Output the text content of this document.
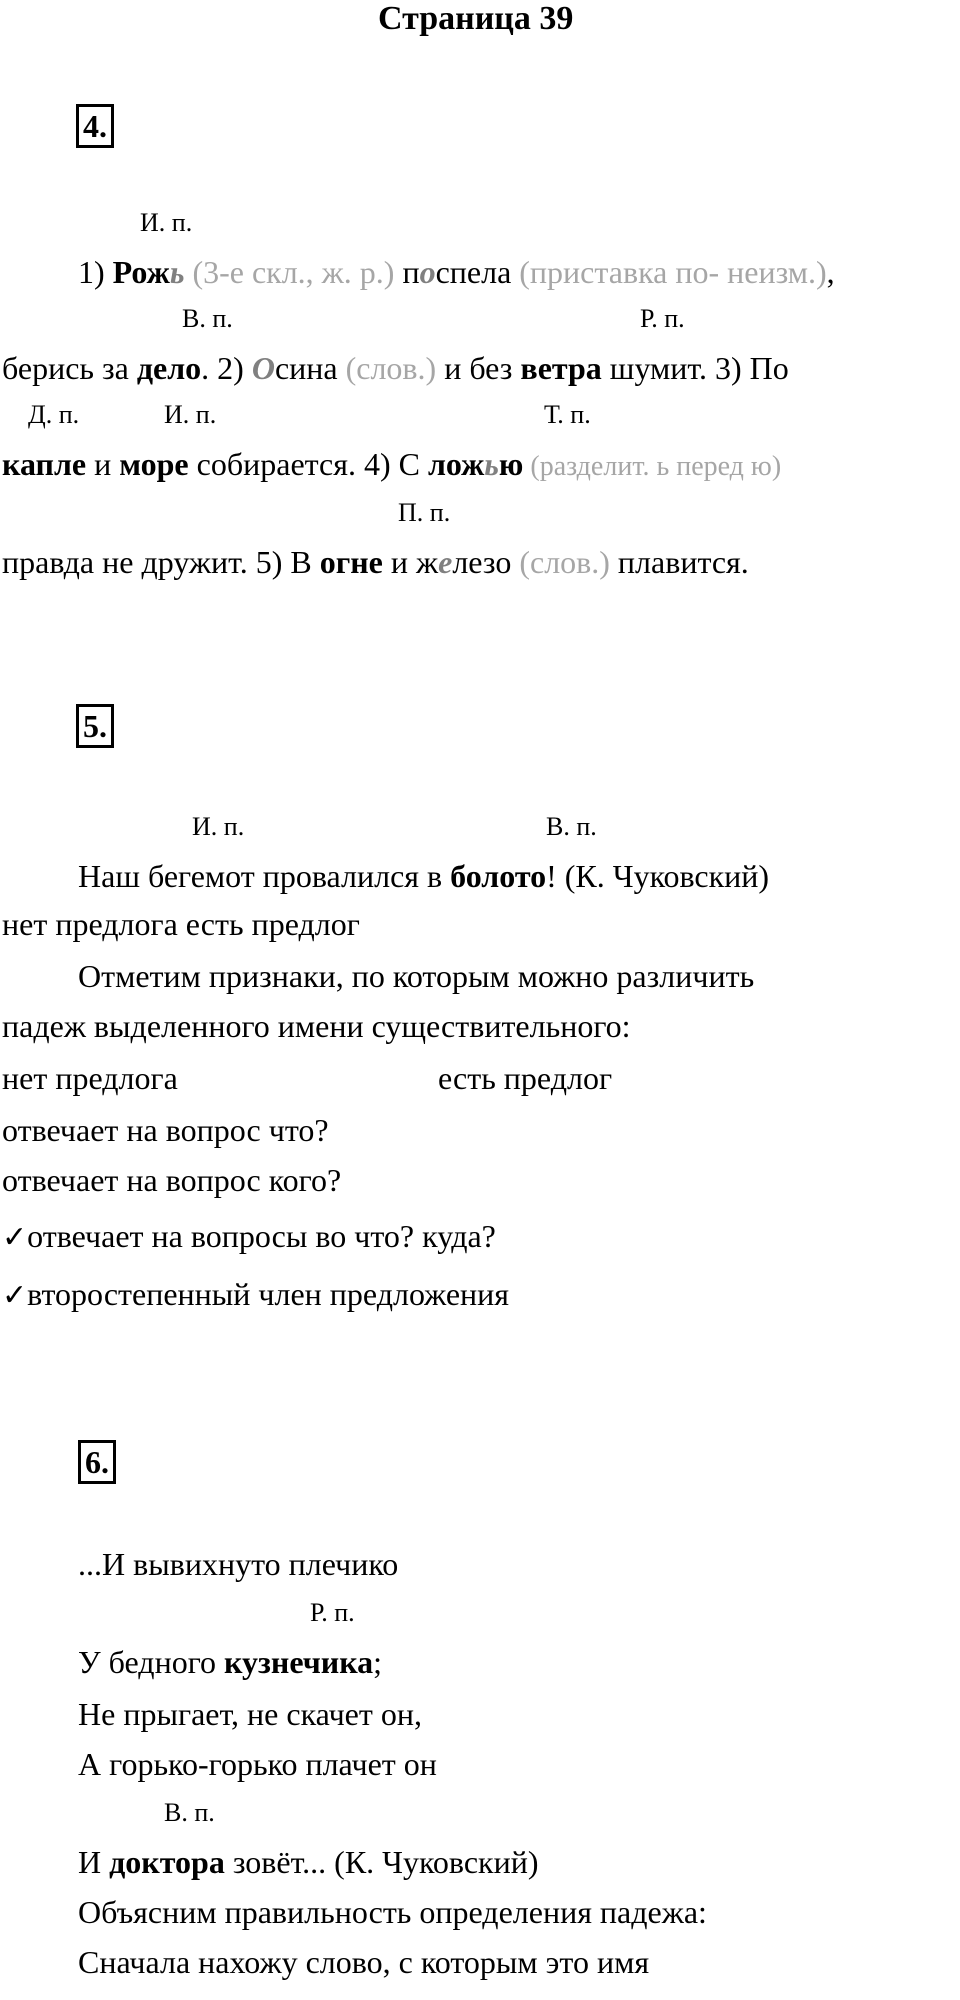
Страница 39
4.
И. п.
1) Рожь (3-е скл., ж. р.) поспела (приставка по- неизм.),
В. п.	Р. п.
берись за дело. 2) Осина (слов.) и без ветра шумит. 3) По
Д. п.	И. п.	Т. п.
капле и море собирается. 4) С ложью (разделит. ь перед ю)
П. п.
правда не дружит. 5) В огне и железо (слов.) плавится.
5.
И. п.	В. п.
Наш бегемот провалился в болото! (К. Чуковский)
нет предлога есть предлог
Отметим признаки, по которым можно различить
падеж выделенного имени существительного:
нет предлога	есть предлог
отвечает на вопрос что?
отвечает на вопрос кого?
✓отвечает на вопросы во что? куда?
✓второстепенный член предложения
6.
...И вывихнуто плечико
Р. п.
У бедного кузнечика;
Не прыгает, не скачет он,
А горько-горько плачет он
В. п.
И доктора зовёт... (К. Чуковский)
Объясним правильность определения падежа:
Сначала нахожу слово, с которым это имя
